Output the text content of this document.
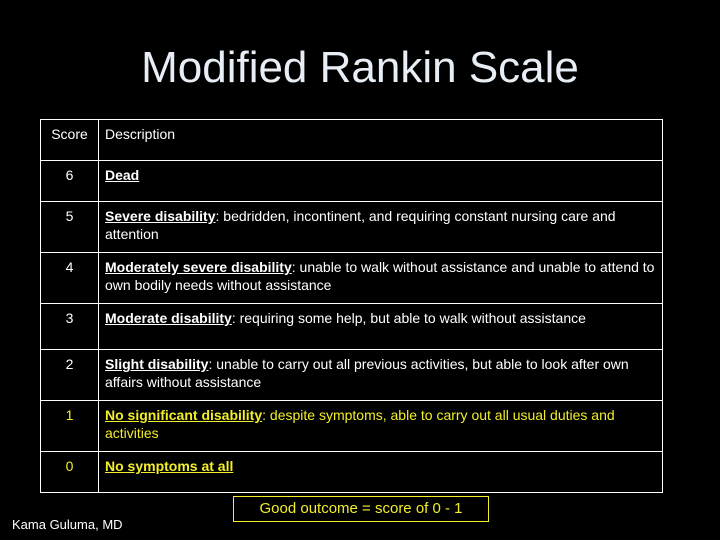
Modified Rankin Scale
Score	Description
6	Dead
5	Severe disability: bedridden, incontinent, and requiring constant nursing care and attention
4	Moderately severe disability: unable to walk without assistance and unable to attend to own bodily needs without assistance
3	Moderate disability: requiring some help, but able to walk without assistance
2	Slight disability: unable to carry out all previous activities, but able to look after own affairs without assistance
1	No significant disability: despite symptoms, able to carry out all usual duties and activities
0	No symptoms at all
Good outcome = score of 0 - 1
Kama Guluma, MD
